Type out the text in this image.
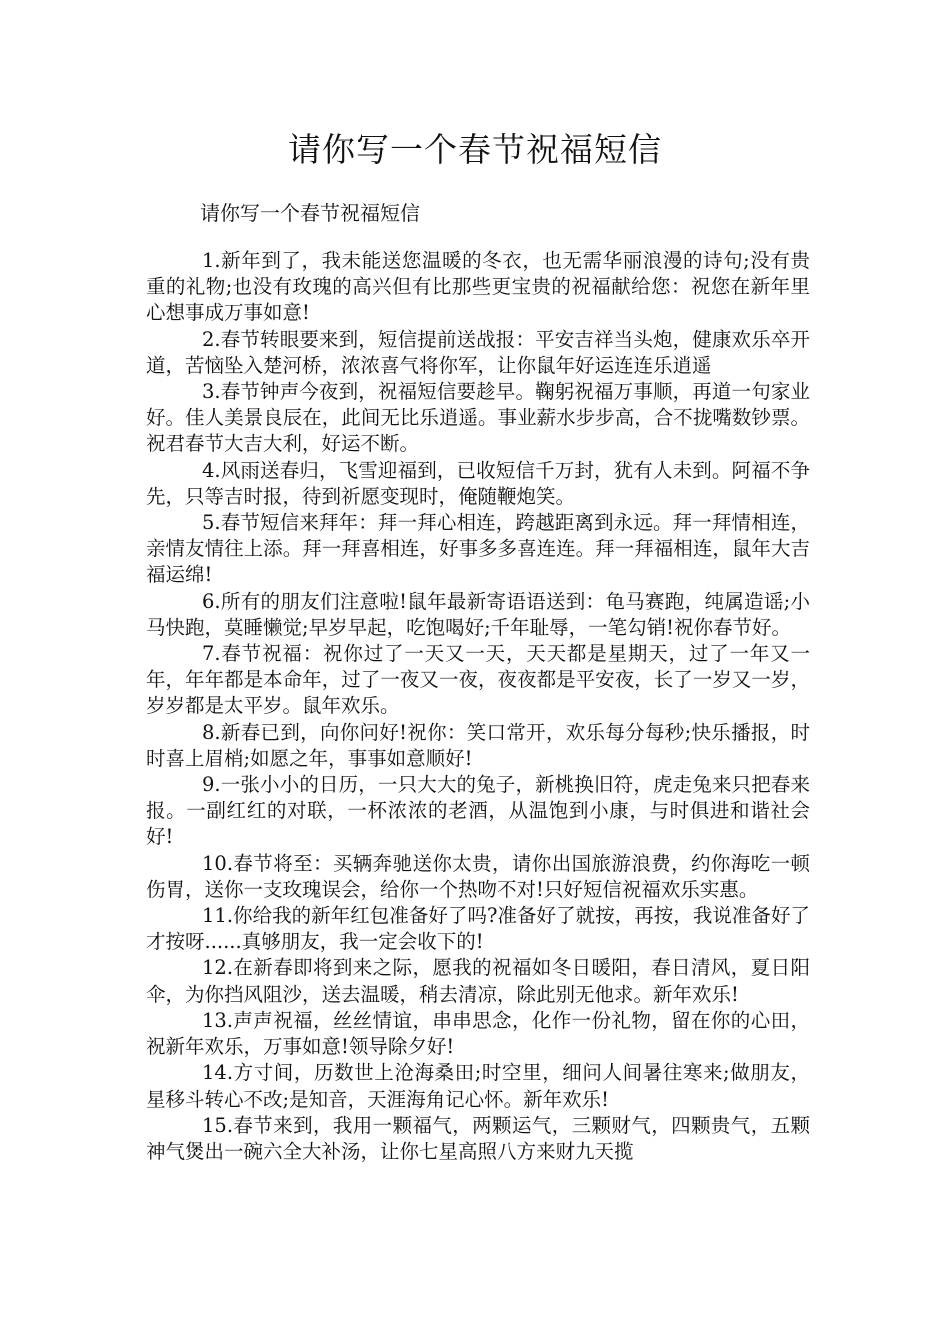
请你写一个春节祝福短信
请你写一个春节祝福短信

1.新年到了，我未能送您温暖的冬衣，也无需华丽浪漫的诗句;没有贵重的礼物;也没有玫瑰的高兴但有比那些更宝贵的祝福献给您：祝您在新年里心想事成万事如意!

2.春节转眼要来到，短信提前送战报：平安吉祥当头炮，健康欢乐卒开道，苦恼坠入楚河桥，浓浓喜气将你军，让你鼠年好运连连乐逍遥

3.春节钟声今夜到，祝福短信要趁早。鞠躬祝福万事顺，再道一句家业好。佳人美景良辰在，此间无比乐逍遥。事业薪水步步高，合不拢嘴数钞票。祝君春节大吉大利，好运不断。

4.风雨送春归，飞雪迎福到，已收短信千万封，犹有人未到。阿福不争先，只等吉时报，待到祈愿变现时，俺随鞭炮笑。

5.春节短信来拜年：拜一拜心相连，跨越距离到永远。拜一拜情相连，亲情友情往上添。拜一拜喜相连，好事多多喜连连。拜一拜福相连，鼠年大吉福运绵!

6.所有的朋友们注意啦!鼠年最新寄语语送到：龟马赛跑，纯属造谣;小马快跑，莫睡懒觉;早岁早起，吃饱喝好;千年耻辱，一笔勾销!祝你春节好。

7.春节祝福：祝你过了一天又一天，天天都是星期天，过了一年又一年，年年都是本命年，过了一夜又一夜，夜夜都是平安夜，长了一岁又一岁，岁岁都是太平岁。鼠年欢乐。

8.新春已到，向你问好!祝你：笑口常开，欢乐每分每秒;快乐播报，时时喜上眉梢;如愿之年，事事如意顺好!

9.一张小小的日历，一只大大的兔子，新桃换旧符，虎走兔来只把春来报。一副红红的对联，一杯浓浓的老酒，从温饱到小康，与时俱进和谐社会好!

10.春节将至：买辆奔驰送你太贵，请你出国旅游浪费，约你海吃一顿伤胃，送你一支玫瑰误会，给你一个热吻不对!只好短信祝福欢乐实惠。

11.你给我的新年红包准备好了吗?准备好了就按，再按，我说准备好了才按呀......真够朋友，我一定会收下的!

12.在新春即将到来之际，愿我的祝福如冬日暖阳，春日清风，夏日阳伞，为你挡风阻沙，送去温暖，稍去清凉，除此别无他求。新年欢乐!

13.声声祝福，丝丝情谊，串串思念，化作一份礼物，留在你的心田，祝新年欢乐，万事如意!领导除夕好!

14.方寸间，历数世上沧海桑田;时空里，细问人间暑往寒来;做朋友，星移斗转心不改;是知音，天涯海角记心怀。新年欢乐!

15.春节来到，我用一颗福气，两颗运气，三颗财气，四颗贵气，五颗神气煲出一碗六全大补汤，让你七星高照八方来财九天揽
